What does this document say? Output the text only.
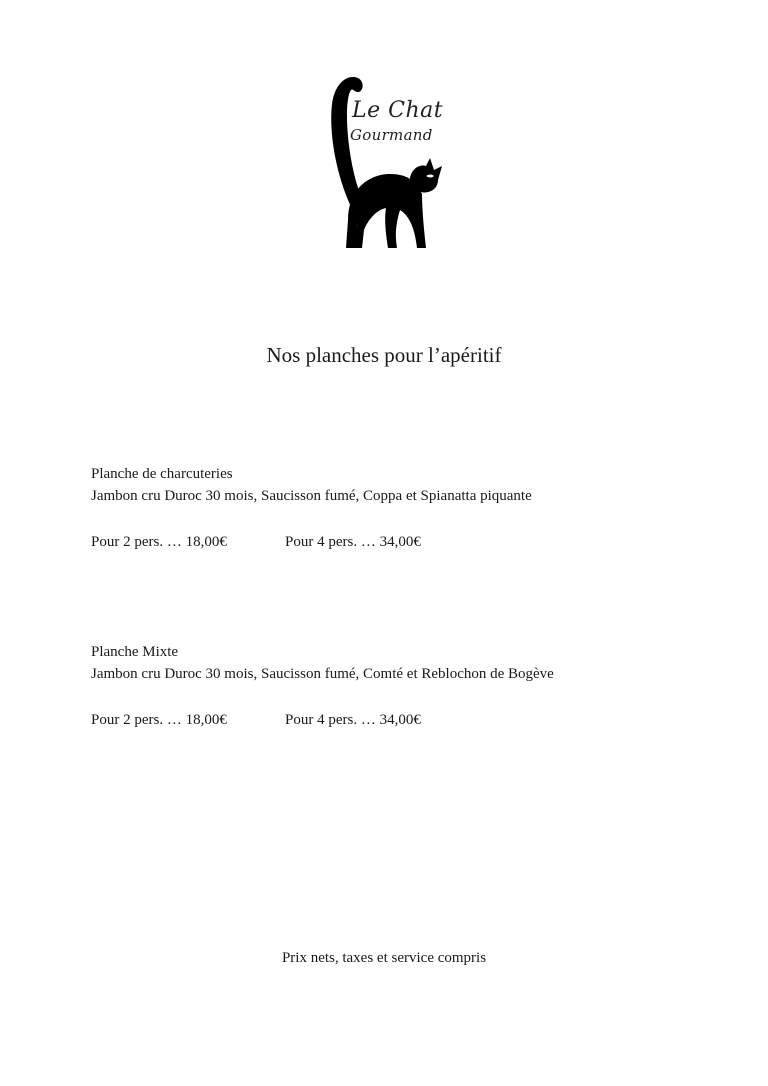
Le Chat
Gourmand
Nos planches pour l’apéritif
Planche de charcuteries
Jambon cru Duroc 30 mois, Saucisson fumé, Coppa et Spianatta piquante
Pour 2 pers. … 18,00€	Pour 4 pers. … 34,00€
Planche Mixte
Jambon cru Duroc 30 mois, Saucisson fumé, Comté et Reblochon de Bogève
Pour 2 pers. … 18,00€	Pour 4 pers. … 34,00€
Prix nets, taxes et service compris
